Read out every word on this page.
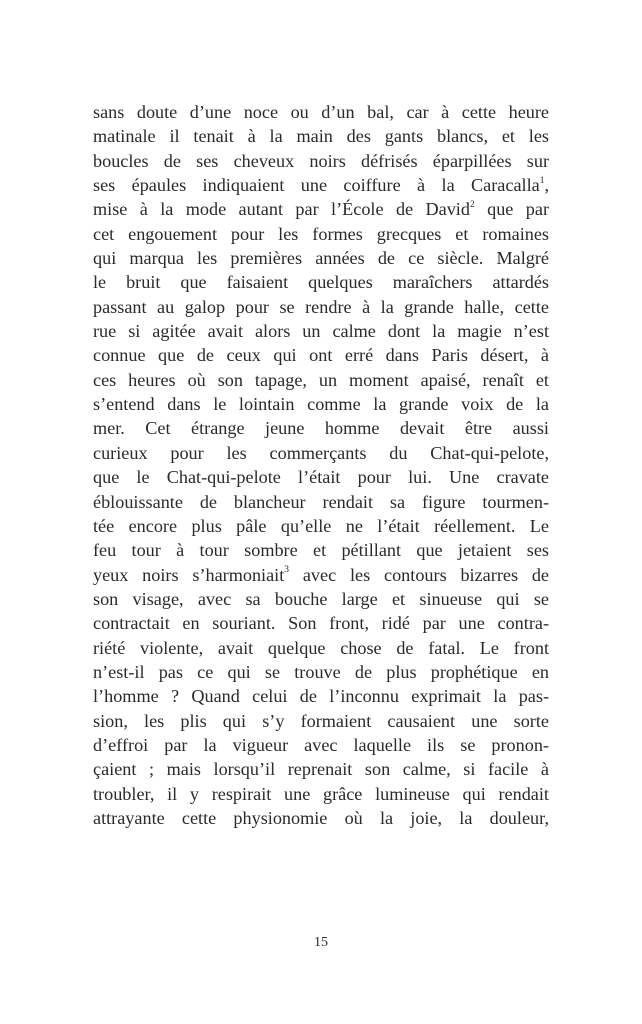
sans doute d’une noce ou d’un bal, car à cette heure
matinale il tenait à la main des gants blancs, et les
boucles de ses cheveux noirs défrisés éparpillées sur
ses épaules indiquaient une coiffure à la Caracalla$^1$,
mise à la mode autant par l’École de David$^2$ que par
cet engouement pour les formes grecques et romaines
qui marqua les premières années de ce siècle. Malgré
le bruit que faisaient quelques maraîchers attardés
passant au galop pour se rendre à la grande halle, cette
rue si agitée avait alors un calme dont la magie n’est
connue que de ceux qui ont erré dans Paris désert, à
ces heures où son tapage, un moment apaisé, renaît et
s’entend dans le lointain comme la grande voix de la
mer. Cet étrange jeune homme devait être aussi
curieux pour les commerçants du Chat-qui-pelote,
que le Chat-qui-pelote l’était pour lui. Une cravate
éblouissante de blancheur rendait sa figure tourmen-
tée encore plus pâle qu’elle ne l’était réellement. Le
feu tour à tour sombre et pétillant que jetaient ses
yeux noirs s’harmoniait$^3$ avec les contours bizarres de
son visage, avec sa bouche large et sinueuse qui se
contractait en souriant. Son front, ridé par une contra-
riété violente, avait quelque chose de fatal. Le front
n’est-il pas ce qui se trouve de plus prophétique en
l’homme ? Quand celui de l’inconnu exprimait la pas-
sion, les plis qui s’y formaient causaient une sorte
d’effroi par la vigueur avec laquelle ils se pronon-
çaient ; mais lorsqu’il reprenait son calme, si facile à
troubler, il y respirait une grâce lumineuse qui rendait
attrayante cette physionomie où la joie, la douleur,
15
